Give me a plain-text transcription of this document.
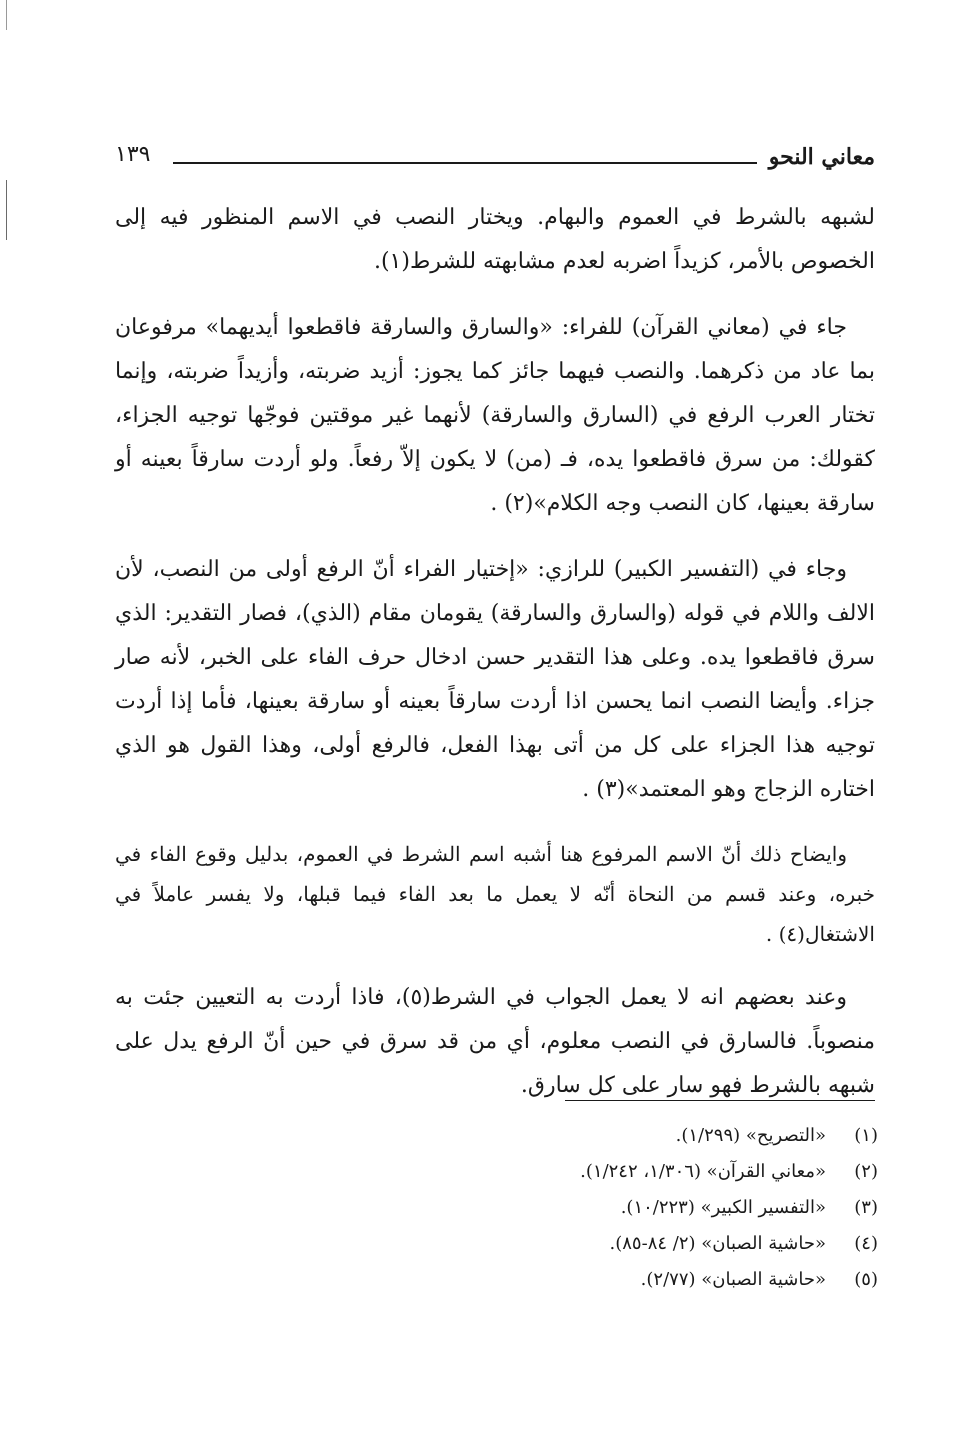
معاني النحو
١٣٩

لشبهه بالشرط في العموم والبهام. ويختار النصب في الاسم المنظور فيه إلى الخصوص بالأمر، كزيداً اضربه لعدم مشابهته للشرط(١).

جاء في (معاني القرآن) للفراء: «والسارق والسارقة فاقطعوا أيديهما» مرفوعان بما عاد من ذكرهما. والنصب فيهما جائز كما يجوز: أزيد ضربته، وأزيداً ضربته، وإنما تختار العرب الرفع في (السارق والسارقة) لأنهما غير موقتين فوجّها توجيه الجزاء، كقولك: من سرق فاقطعوا يده، فـ (من) لا يكون إلاّ رفعاً. ولو أردت سارقاً بعينه أو سارقة بعينها، كان النصب وجه الكلام»(٢) .

وجاء في (التفسير الكبير) للرازي: «إختيار الفراء أنّ الرفع أولى من النصب، لأن الالف واللام في قوله (والسارق والسارقة) يقومان مقام (الذي)، فصار التقدير: الذي سرق فاقطعوا يده. وعلى هذا التقدير حسن ادخال حرف الفاء على الخبر، لأنه صار جزاء. وأيضا النصب انما يحسن اذا أردت سارقاً بعينه أو سارقة بعينها، فأما إذا أردت توجيه هذا الجزاء على كل من أتى بهذا الفعل، فالرفع أولى، وهذا القول هو الذي اختاره الزجاج وهو المعتمد»(٣) .

وايضاح ذلك أنّ الاسم المرفوع هنا أشبه اسم الشرط في العموم، بدليل وقوع الفاء في خبره، وعند قسم من النحاة أنّه لا يعمل ما بعد الفاء فيما قبلها، ولا يفسر عاملاً في الاشتغال(٤) .

وعند بعضهم انه لا يعمل الجواب في الشرط(٥)، فاذا أردت به التعيين جئت به منصوباً. فالسارق في النصب معلوم، أي من قد سرق في حين أنّ الرفع يدل على شبهه بالشرط فهو سار على كل سارق.

(١)
«التصريح» (١/٢٩٩).
(٢)
«معاني القرآن» (١/٣٠٦، ١/٢٤٢).
(٣)
«التفسير الكبير» (١٠/٢٢٣).
(٤)
«حاشية الصبان» (٢/ ٨٤-٨٥).
(٥)
«حاشية الصبان» (٢/٧٧).
